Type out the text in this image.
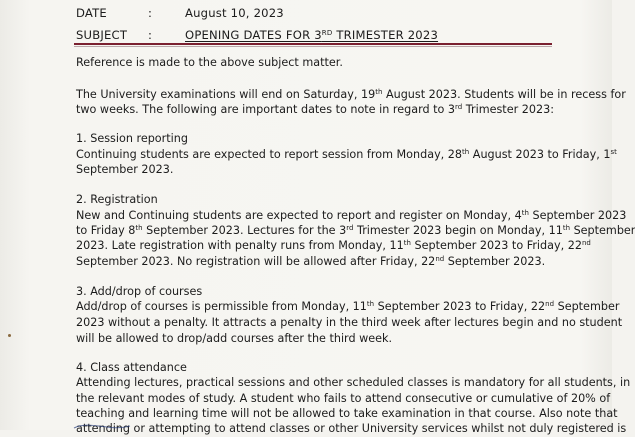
DATE	:	August 10, 2023
SUBJECT	:	OPENING DATES FOR 3RD TRIMESTER 2023
Reference is made to the above subject matter.
The University examinations will end on Saturday, 19th August 2023. Students will be in recess for
two weeks. The following are important dates to note in regard to 3rd Trimester 2023:
1. Session reporting
Continuing students are expected to report session from Monday, 28th August 2023 to Friday, 1st
September 2023.
2. Registration
New and Continuing students are expected to report and register on Monday, 4th September 2023
to Friday 8th September 2023. Lectures for the 3rd Trimester 2023 begin on Monday, 11th September
2023. Late registration with penalty runs from Monday, 11th September 2023 to Friday, 22nd
September 2023. No registration will be allowed after Friday, 22nd September 2023.
3. Add/drop of courses
Add/drop of courses is permissible from Monday, 11th September 2023 to Friday, 22nd September
2023 without a penalty. It attracts a penalty in the third week after lectures begin and no student
will be allowed to drop/add courses after the third week.
4. Class attendance
Attending lectures, practical sessions and other scheduled classes is mandatory for all students, in
the relevant modes of study. A student who fails to attend consecutive or cumulative of 20% of
teaching and learning time will not be allowed to take examination in that course. Also note that
attending or attempting to attend classes or other University services whilst not duly registered is
